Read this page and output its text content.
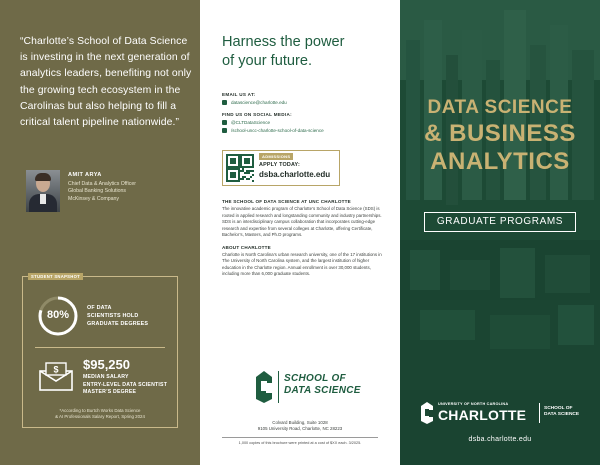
“Charlotte’s School of Data Science is investing in the next generation of analytics leaders, benefiting not only the growing tech ecosystem in the Carolinas but also helping to fill a critical talent pipeline nationwide.”

AMIT ARYA
Chief Data & Analytics Officer
Global Banking Solutions
McKinsey & Company
80%
OF DATA
SCIENTISTS HOLD
GRADUATE DEGREES
$ $95,250
MEDIAN SALARY
ENTRY-LEVEL DATA SCIENTIST
MASTER’S DEGREE
STUDENT SNAPSHOT
*According to Burtch Works Data Science
& AI Professionals Salary Report, Spring 2024
Harness the power
of your future.
EMAIL US AT:
datascience@charlotte.edu
FIND US ON SOCIAL MEDIA:
@CLTDataScience
/school-uncc-charlotte-school-of-data-science
ADMISSIONS
APPLY TODAY:
dsba.charlotte.edu
THE SCHOOL OF DATA SCIENCE AT UNC CHARLOTTE

The innovative academic program of Charlotte’s School of Data Science (SDS) is rooted in applied research and longstanding community and industry partnerships. SDS is an interdisciplinary campus collaboration that incorporates cutting-edge research and expertise from several colleges at Charlotte, offering Certificate, Bachelor’s, Masters, and Ph.D programs.

ABOUT CHARLOTTE

Charlotte is North Carolina’s urban research university, one of the 17 institutions in The University of North Carolina system, and the largest institution of higher education in the Charlotte region. Annual enrollment is over 30,000 students, including more than 6,000 graduate students.

SCHOOL OF
DATA SCIENCE
Colvard Building, Suite 1028
9105 University Road, Charlotte, NC 28223
1,000 copies of this brochure were printed at a cost of $XX each. 3/2025.
DATA SCIENCE
& BUSINESS
ANALYTICS
GRADUATE PROGRAMS
UNIVERSITY OF NORTH CAROLINA
CHARLOTTE	SCHOOL OF
DATA SCIENCE
dsba.charlotte.edu
